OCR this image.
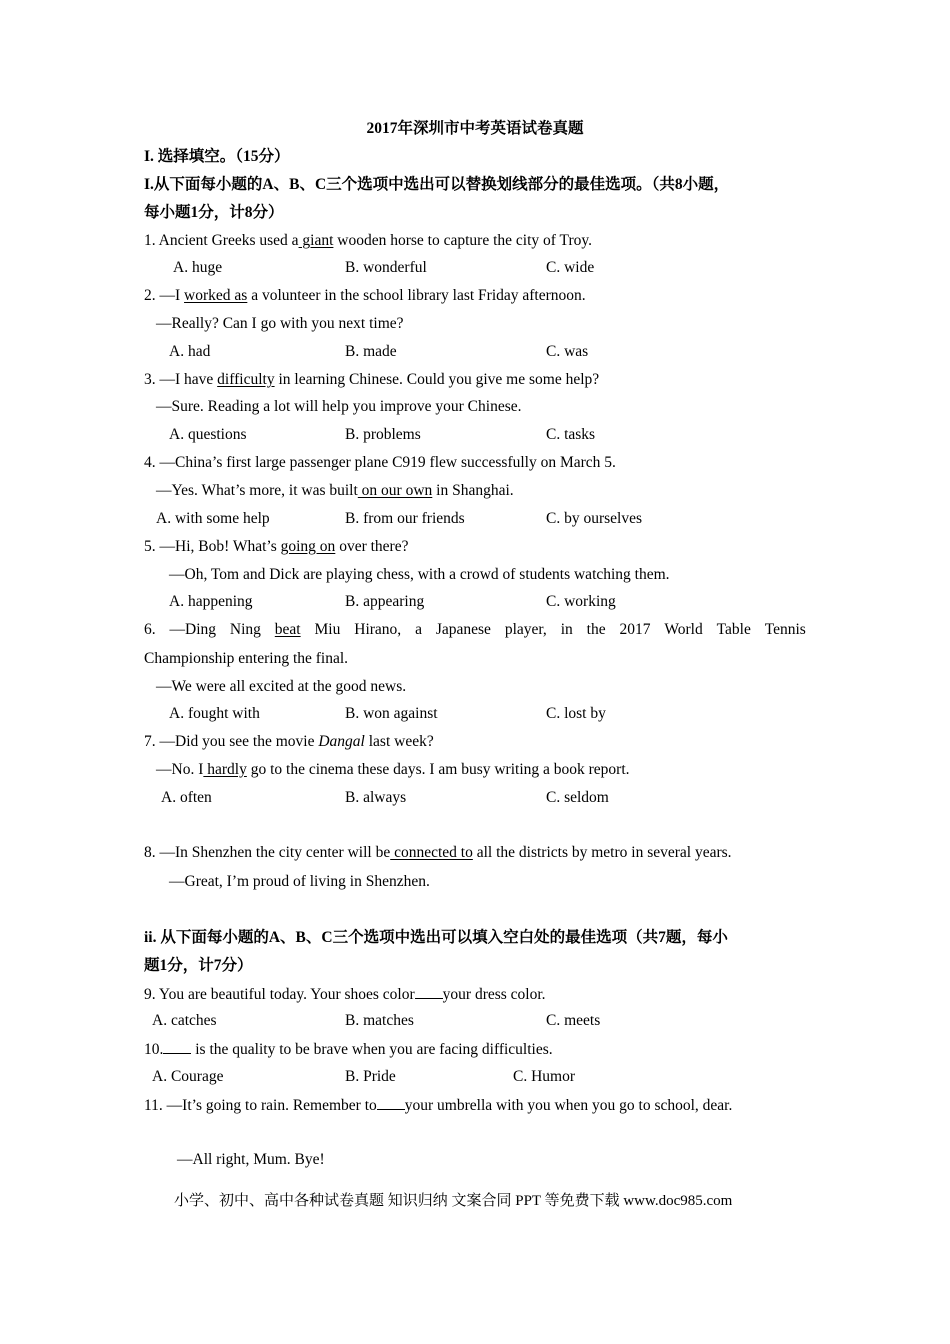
2017年深圳市中考英语试卷真题
I. 选择填空。（15分）
I.从下面每小题的A、B、C三个选项中选出可以替换划线部分的最佳选项。（共8小题，
每小题1分，计8分）
1. Ancient Greeks used a giant wooden horse to capture the city of Troy.
A. huge	B. wonderful	C. wide
2. —I worked as a volunteer in the school library last Friday afternoon.
—Really? Can I go with you next time?
A. had	B. made	C. was
3. —I have difficulty in learning Chinese. Could you give me some help?
—Sure. Reading a lot will help you improve your Chinese.
A. questions	B. problems	C. tasks
4. —China’s first large passenger plane C919 flew successfully on March 5.
—Yes. What’s more, it was built on our own in Shanghai.
A. with some help	B. from our friends	C. by ourselves
5. —Hi, Bob! What’s going on over there?
—Oh, Tom and Dick are playing chess, with a crowd of students watching them.
A. happening	B. appearing	C. working
6. —Ding Ning beat Miu Hirano, a Japanese player, in the 2017 World Table Tennis
Championship entering the final.
—We were all excited at the good news.
A. fought with	B. won against	C. lost by
7. —Did you see the movie Dangal last week?
—No. I hardly go to the cinema these days. I am busy writing a book report.
A. often	B. always	C. seldom
8. —In Shenzhen the city center will be connected to all the districts by metro in several years.
—Great, I’m proud of living in Shenzhen.
ii. 从下面每小题的A、B、C三个选项中选出可以填入空白处的最佳选项（共7题，每小
题1分，计7分）
9. You are beautiful today. Your shoes color your dress color.
A. catches	B. matches	C. meets
10. is the quality to be brave when you are facing difficulties.
A. Courage	B. Pride	C. Humor
11. —It’s going to rain. Remember to your umbrella with you when you go to school, dear.
—All right, Mum. Bye!
小学、初中、高中各种试卷真题 知识归纳 文案合同 PPT 等免费下载 www.doc985.com
